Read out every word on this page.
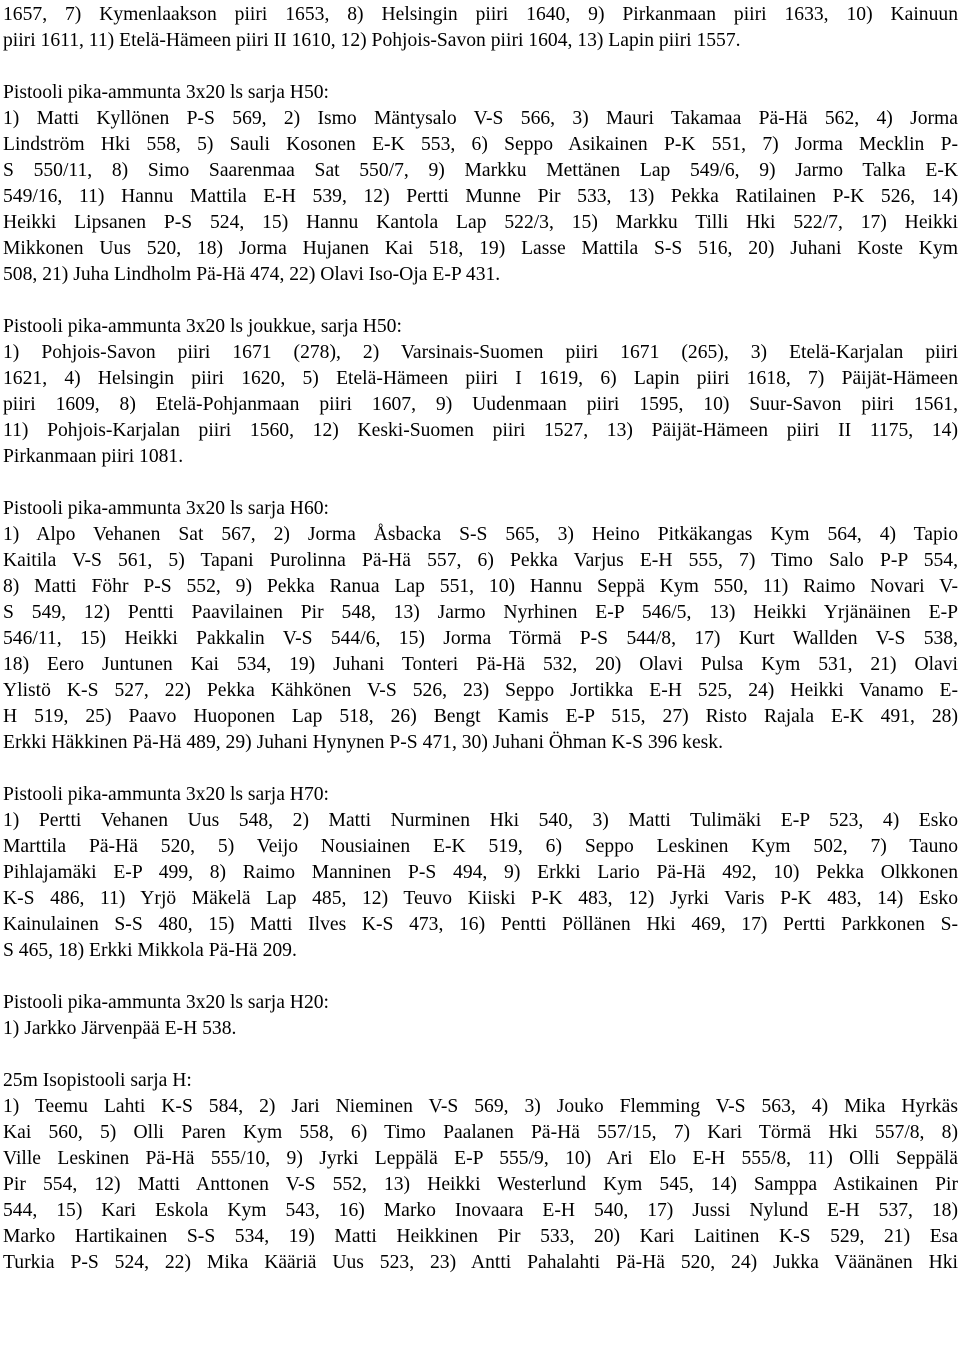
1657, 7) Kymenlaakson piiri 1653, 8) Helsingin piiri 1640, 9) Pirkanmaan piiri 1633, 10) Kainuun
piiri 1611, 11) Etelä-Hämeen piiri II 1610, 12) Pohjois-Savon piiri 1604, 13) Lapin piiri 1557.
Pistooli pika-ammunta 3x20 ls sarja H50:
1) Matti Kyllönen P-S 569, 2) Ismo Mäntysalo V-S 566, 3) Mauri Takamaa Pä-Hä 562, 4) Jorma
Lindström Hki 558, 5) Sauli Kosonen E-K 553, 6) Seppo Asikainen P-K 551, 7) Jorma Mecklin P-
S 550/11, 8) Simo Saarenmaa Sat 550/7, 9) Markku Mettänen Lap 549/6, 9) Jarmo Talka E-K
549/16, 11) Hannu Mattila E-H 539, 12) Pertti Munne Pir 533, 13) Pekka Ratilainen P-K 526, 14)
Heikki Lipsanen P-S 524, 15) Hannu Kantola Lap 522/3, 15) Markku Tilli Hki 522/7, 17) Heikki
Mikkonen Uus 520, 18) Jorma Hujanen Kai 518, 19) Lasse Mattila S-S 516, 20) Juhani Koste Kym
508, 21) Juha Lindholm Pä-Hä 474, 22) Olavi Iso-Oja E-P 431.
Pistooli pika-ammunta 3x20 ls joukkue, sarja H50:
1) Pohjois-Savon piiri 1671 (278), 2) Varsinais-Suomen piiri 1671 (265), 3) Etelä-Karjalan piiri
1621, 4) Helsingin piiri 1620, 5) Etelä-Hämeen piiri I 1619, 6) Lapin piiri 1618, 7) Päijät-Hämeen
piiri 1609, 8) Etelä-Pohjanmaan piiri 1607, 9) Uudenmaan piiri 1595, 10) Suur-Savon piiri 1561,
11) Pohjois-Karjalan piiri 1560, 12) Keski-Suomen piiri 1527, 13) Päijät-Hämeen piiri II 1175, 14)
Pirkanmaan piiri 1081.
Pistooli pika-ammunta 3x20 ls sarja H60:
1) Alpo Vehanen Sat 567, 2) Jorma Åsbacka S-S 565, 3) Heino Pitkäkangas Kym 564, 4) Tapio
Kaitila V-S 561, 5) Tapani Purolinna Pä-Hä 557, 6) Pekka Varjus E-H 555, 7) Timo Salo P-P 554,
8) Matti Föhr P-S 552, 9) Pekka Ranua Lap 551, 10) Hannu Seppä Kym 550, 11) Raimo Novari V-
S 549, 12) Pentti Paavilainen Pir 548, 13) Jarmo Nyrhinen E-P 546/5, 13) Heikki Yrjänäinen E-P
546/11, 15) Heikki Pakkalin V-S 544/6, 15) Jorma Törmä P-S 544/8, 17) Kurt Wallden V-S 538,
18) Eero Juntunen Kai 534, 19) Juhani Tonteri Pä-Hä 532, 20) Olavi Pulsa Kym 531, 21) Olavi
Ylistö K-S 527, 22) Pekka Kähkönen V-S 526, 23) Seppo Jortikka E-H 525, 24) Heikki Vanamo E-
H 519, 25) Paavo Huoponen Lap 518, 26) Bengt Kamis E-P 515, 27) Risto Rajala E-K 491, 28)
Erkki Häkkinen Pä-Hä 489, 29) Juhani Hynynen P-S 471, 30) Juhani Öhman K-S 396 kesk.
Pistooli pika-ammunta 3x20 ls sarja H70:
1) Pertti Vehanen Uus 548, 2) Matti Nurminen Hki 540, 3) Matti Tulimäki E-P 523, 4) Esko
Marttila Pä-Hä 520, 5) Veijo Nousiainen E-K 519, 6) Seppo Leskinen Kym 502, 7) Tauno
Pihlajamäki E-P 499, 8) Raimo Manninen P-S 494, 9) Erkki Lario Pä-Hä 492, 10) Pekka Olkkonen
K-S 486, 11) Yrjö Mäkelä Lap 485, 12) Teuvo Kiiski P-K 483, 12) Jyrki Varis P-K 483, 14) Esko
Kainulainen S-S 480, 15) Matti Ilves K-S 473, 16) Pentti Pöllänen Hki 469, 17) Pertti Parkkonen S-
S 465, 18) Erkki Mikkola Pä-Hä 209.
Pistooli pika-ammunta 3x20 ls sarja H20:
1) Jarkko Järvenpää E-H 538.
25m Isopistooli sarja H:
1) Teemu Lahti K-S 584, 2) Jari Nieminen V-S 569, 3) Jouko Flemming V-S 563, 4) Mika Hyrkäs
Kai 560, 5) Olli Paren Kym 558, 6) Timo Paalanen Pä-Hä 557/15, 7) Kari Törmä Hki 557/8, 8)
Ville Leskinen Pä-Hä 555/10, 9) Jyrki Leppälä E-P 555/9, 10) Ari Elo E-H 555/8, 11) Olli Seppälä
Pir 554, 12) Matti Anttonen V-S 552, 13) Heikki Westerlund Kym 545, 14) Samppa Astikainen Pir
544, 15) Kari Eskola Kym 543, 16) Marko Inovaara E-H 540, 17) Jussi Nylund E-H 537, 18)
Marko Hartikainen S-S 534, 19) Matti Heikkinen Pir 533, 20) Kari Laitinen K-S 529, 21) Esa
Turkia P-S 524, 22) Mika Kääriä Uus 523, 23) Antti Pahalahti Pä-Hä 520, 24) Jukka Väänänen Hki
